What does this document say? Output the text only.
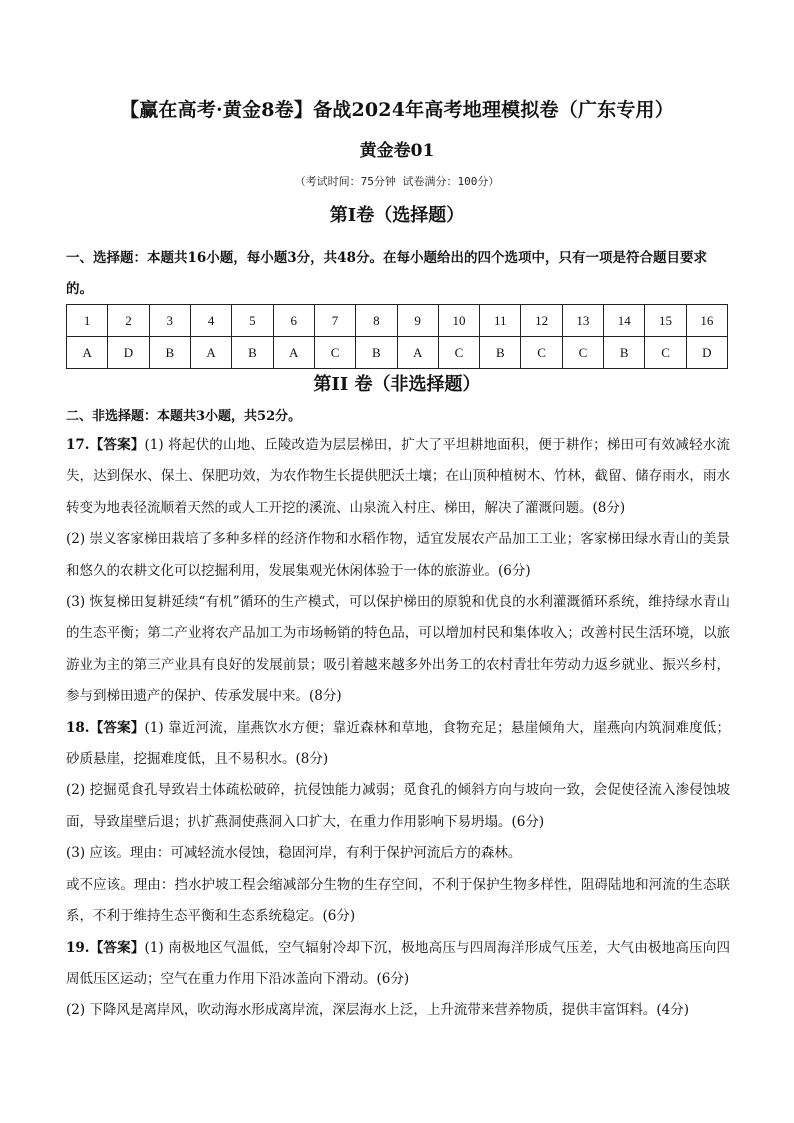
【赢在高考·黄金8卷】备战2024年高考地理模拟卷（广东专用）
黄金卷01
（考试时间：75分钟 试卷满分：100分）
第I卷（选择题）
一、选择题：本题共16小题，每小题3分，共48分。在每小题给出的四个选项中，只有一项是符合题目要求的。
1	2	3	4	5	6	7	8	9	10	11	12	13	14	15	16
A	D	B	A	B	A	C	B	A	C	B	C	C	B	C	D
第II 卷（非选择题）
二、非选择题：本题共3小题，共52分。

17.【答案】(1) 将起伏的山地、丘陵改造为层层梯田，扩大了平坦耕地面积，便于耕作；梯田可有效减轻水流失，达到保水、保土、保肥功效，为农作物生长提供肥沃土壤；在山顶种植树木、竹林，截留、储存雨水，雨水转变为地表径流顺着天然的或人工开挖的溪流、山泉流入村庄、梯田，解决了灌溉问题。(8分)

(2) 崇义客家梯田栽培了多种多样的经济作物和水稻作物，适宜发展农产品加工工业；客家梯田绿水青山的美景和悠久的农耕文化可以挖掘利用，发展集观光休闲体验于一体的旅游业。(6分)

(3) 恢复梯田复耕延续“有机”循环的生产模式，可以保护梯田的原貌和优良的水利灌溉循环系统，维持绿水青山的生态平衡；第二产业将农产品加工为市场畅销的特色品，可以增加村民和集体收入；改善村民生活环境，以旅游业为主的第三产业具有良好的发展前景；吸引着越来越多外出务工的农村青壮年劳动力返乡就业、振兴乡村，参与到梯田遗产的保护、传承发展中来。(8分)

18.【答案】(1) 靠近河流，崖燕饮水方便；靠近森林和草地，食物充足；悬崖倾角大，崖燕向内筑洞难度低；砂质悬崖，挖掘难度低，且不易积水。(8分)

(2) 挖掘觅食孔导致岩土体疏松破碎，抗侵蚀能力减弱；觅食孔的倾斜方向与坡向一致，会促使径流入渗侵蚀坡面，导致崖壁后退；扒扩燕洞使燕洞入口扩大，在重力作用影响下易坍塌。(6分)

(3) 应该。理由：可减轻流水侵蚀，稳固河岸，有利于保护河流后方的森林。

或不应该。理由：挡水护坡工程会缩减部分生物的生存空间，不利于保护生物多样性，阻碍陆地和河流的生态联系，不利于维持生态平衡和生态系统稳定。(6分)

19.【答案】(1) 南极地区气温低，空气辐射冷却下沉，极地高压与四周海洋形成气压差，大气由极地高压向四周低压区运动；空气在重力作用下沿冰盖向下滑动。(6分)

(2) 下降风是离岸风，吹动海水形成离岸流，深层海水上泛，上升流带来营养物质，提供丰富饵料。(4分)
